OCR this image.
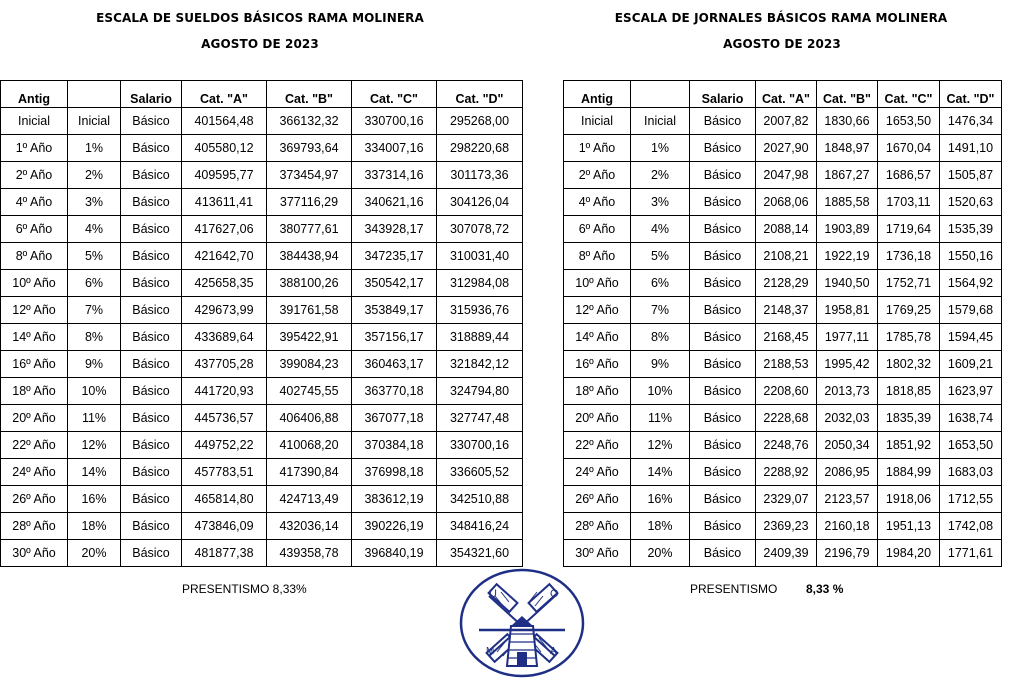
ESCALA DE SUELDOS BÁSICOS RAMA MOLINERA
AGOSTO DE 2023
ESCALA DE JORNALES BÁSICOS RAMA MOLINERA
AGOSTO DE 2023
Antig		Salario	Cat. "A"	Cat. "B"	Cat. "C"	Cat. "D"
Inicial	Inicial	Básico	401564,48	366132,32	330700,16	295268,00
1º Año	1%	Básico	405580,12	369793,64	334007,16	298220,68
2º Año	2%	Básico	409595,77	373454,97	337314,16	301173,36
4º Año	3%	Básico	413611,41	377116,29	340621,16	304126,04
6º Año	4%	Básico	417627,06	380777,61	343928,17	307078,72
8º Año	5%	Básico	421642,70	384438,94	347235,17	310031,40
10º Año	6%	Básico	425658,35	388100,26	350542,17	312984,08
12º Año	7%	Básico	429673,99	391761,58	353849,17	315936,76
14º Año	8%	Básico	433689,64	395422,91	357156,17	318889,44
16º Año	9%	Básico	437705,28	399084,23	360463,17	321842,12
18º Año	10%	Básico	441720,93	402745,55	363770,18	324794,80
20º Año	11%	Básico	445736,57	406406,88	367077,18	327747,48
22º Año	12%	Básico	449752,22	410068,20	370384,18	330700,16
24º Año	14%	Básico	457783,51	417390,84	376998,18	336605,52
26º Año	16%	Básico	465814,80	424713,49	383612,19	342510,88
28º Año	18%	Básico	473846,09	432036,14	390226,19	348416,24
30º Año	20%	Básico	481877,38	439358,78	396840,19	354321,60
Antig		Salario	Cat. "A"	Cat. "B"	Cat. "C"	Cat. "D"
Inicial	Inicial	Básico	2007,82	1830,66	1653,50	1476,34
1º Año	1%	Básico	2027,90	1848,97	1670,04	1491,10
2º Año	2%	Básico	2047,98	1867,27	1686,57	1505,87
4º Año	3%	Básico	2068,06	1885,58	1703,11	1520,63
6º Año	4%	Básico	2088,14	1903,89	1719,64	1535,39
8º Año	5%	Básico	2108,21	1922,19	1736,18	1550,16
10º Año	6%	Básico	2128,29	1940,50	1752,71	1564,92
12º Año	7%	Básico	2148,37	1958,81	1769,25	1579,68
14º Año	8%	Básico	2168,45	1977,11	1785,78	1594,45
16º Año	9%	Básico	2188,53	1995,42	1802,32	1609,21
18º Año	10%	Básico	2208,60	2013,73	1818,85	1623,97
20º Año	11%	Básico	2228,68	2032,03	1835,39	1638,74
22º Año	12%	Básico	2248,76	2050,34	1851,92	1653,50
24º Año	14%	Básico	2288,92	2086,95	1884,99	1683,03
26º Año	16%	Básico	2329,07	2123,57	1918,06	1712,55
28º Año	18%	Básico	2369,23	2160,18	1951,13	1742,08
30º Año	20%	Básico	2409,39	2196,79	1984,20	1771,61
PRESENTISMO 8,33%	PRESENTISMO 8,33 %
U	O
M	A
